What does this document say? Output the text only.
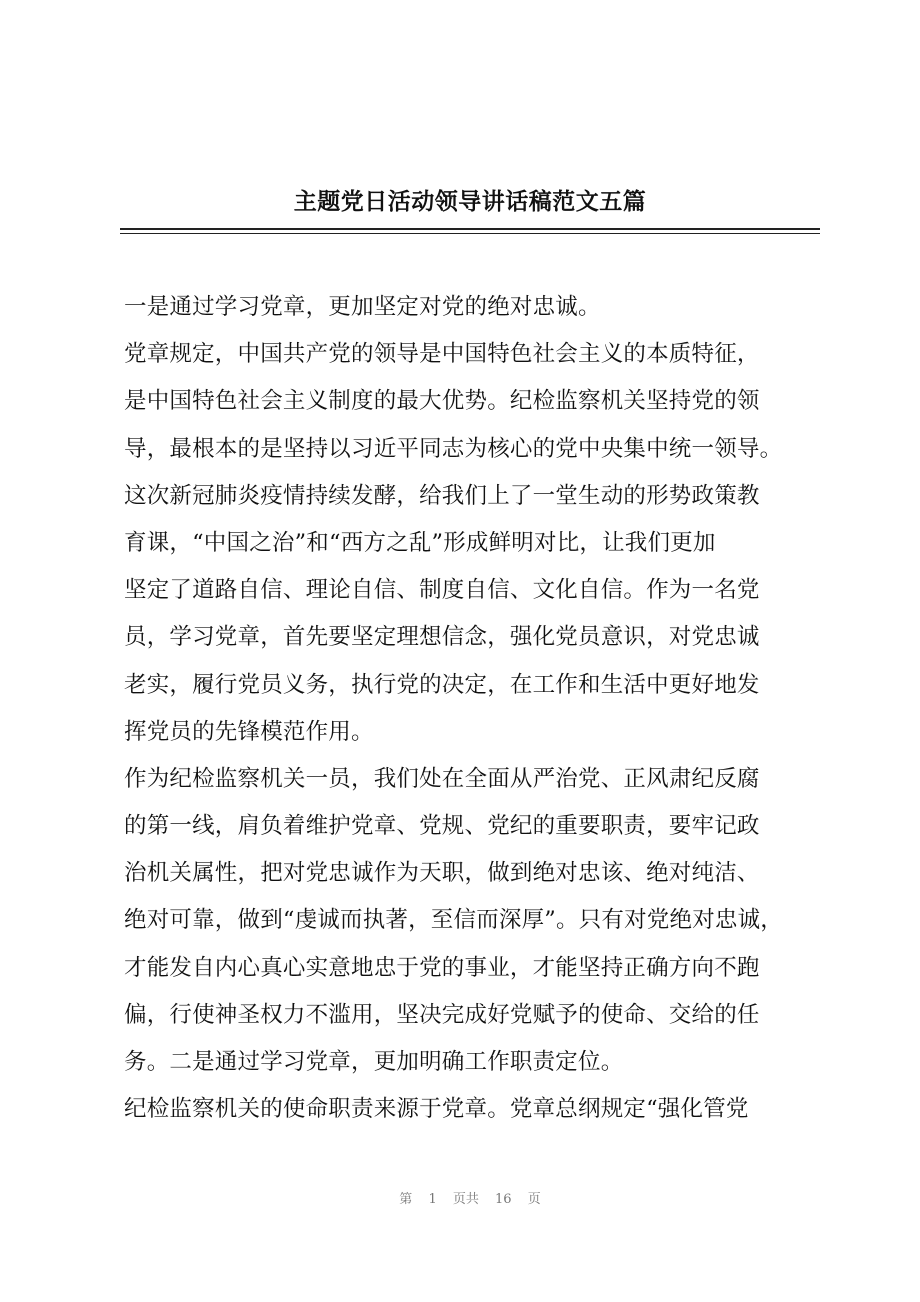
主题党日活动领导讲话稿范文五篇
一是通过学习党章，更加坚定对党的绝对忠诚。
党章规定，中国共产党的领导是中国特色社会主义的本质特征，
是中国特色社会主义制度的最大优势。纪检监察机关坚持党的领
导，最根本的是坚持以习近平同志为核心的党中央集中统一领导。
这次新冠肺炎疫情持续发酵，给我们上了一堂生动的形势政策教
育课，“中国之治”和“西方之乱”形成鲜明对比，让我们更加
坚定了道路自信、理论自信、制度自信、文化自信。作为一名党
员，学习党章，首先要坚定理想信念，强化党员意识，对党忠诚
老实，履行党员义务，执行党的决定，在工作和生活中更好地发
挥党员的先锋模范作用。
作为纪检监察机关一员，我们处在全面从严治党、正风肃纪反腐
的第一线，肩负着维护党章、党规、党纪的重要职责，要牢记政
治机关属性，把对党忠诚作为天职，做到绝对忠该、绝对纯洁、
绝对可靠，做到“虔诚而执著，至信而深厚”。只有对党绝对忠诚，
才能发自内心真心实意地忠于党的事业，才能坚持正确方向不跑
偏，行使神圣权力不滥用，坚决完成好党赋予的使命、交给的任
务。二是通过学习党章，更加明确工作职责定位。
纪检监察机关的使命职责来源于党章。党章总纲规定“强化管党
第 1 页共 16 页
